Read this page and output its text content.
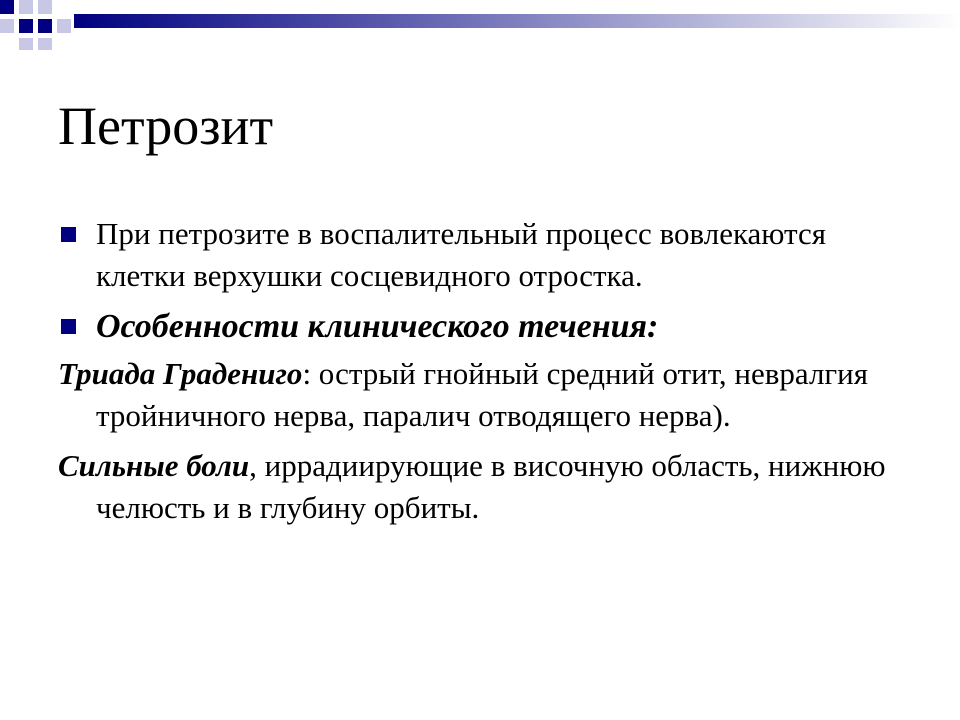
Петрозит
При петрозите в воспалительный процесс вовлекаются клетки верхушки сосцевидного отростка.
Особенности клинического течения:
Триада Градениго: острый гнойный средний отит, невралгия тройничного нерва, паралич отводящего нерва).
Сильные боли, иррадиирующие в височную область, нижнюю челюсть и в глубину орбиты.
